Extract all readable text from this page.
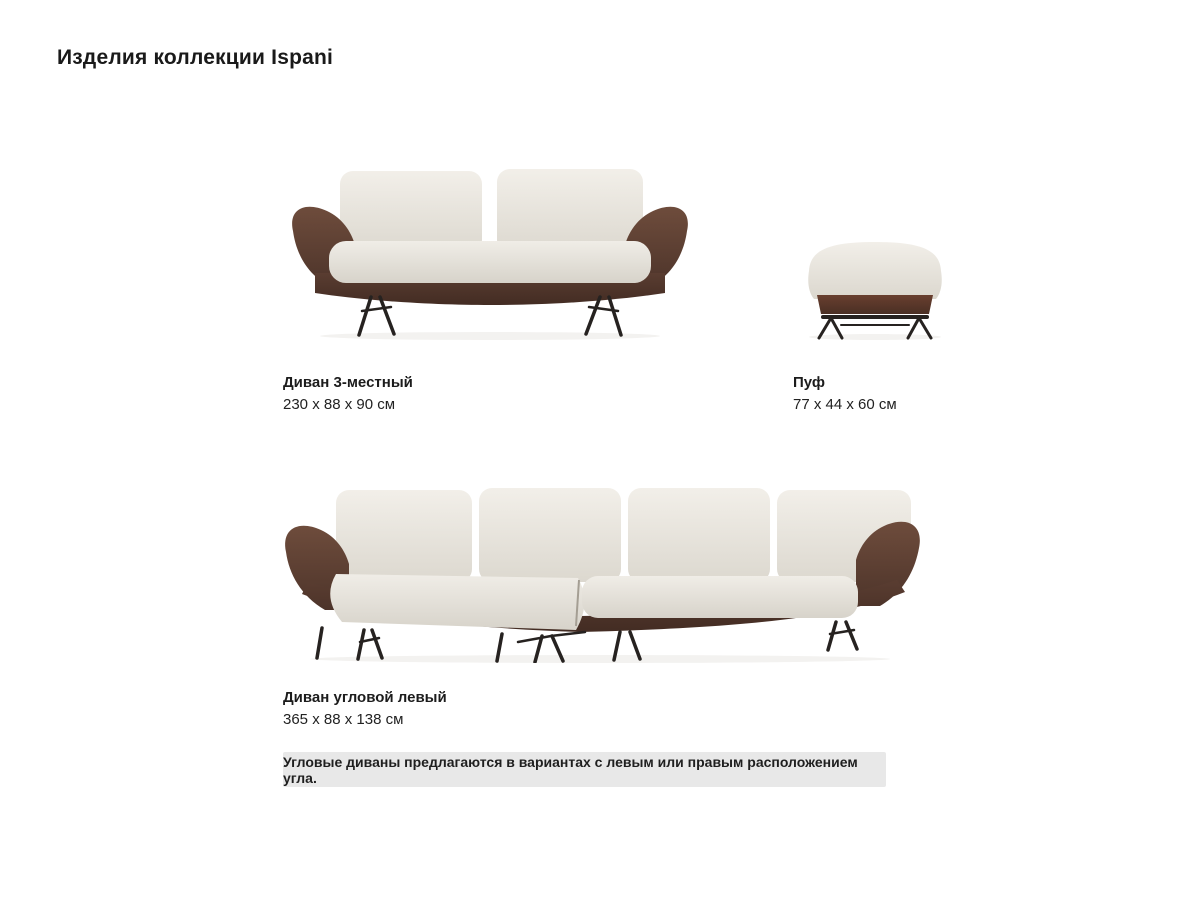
Изделия коллекции Ispani
Диван 3-местный
230 x 88 x 90 см
Пуф
77 x 44 x 60 см
Диван угловой левый
365 x 88 x 138 см
Угловые диваны предлагаются в вариантах с левым или правым расположением угла.
